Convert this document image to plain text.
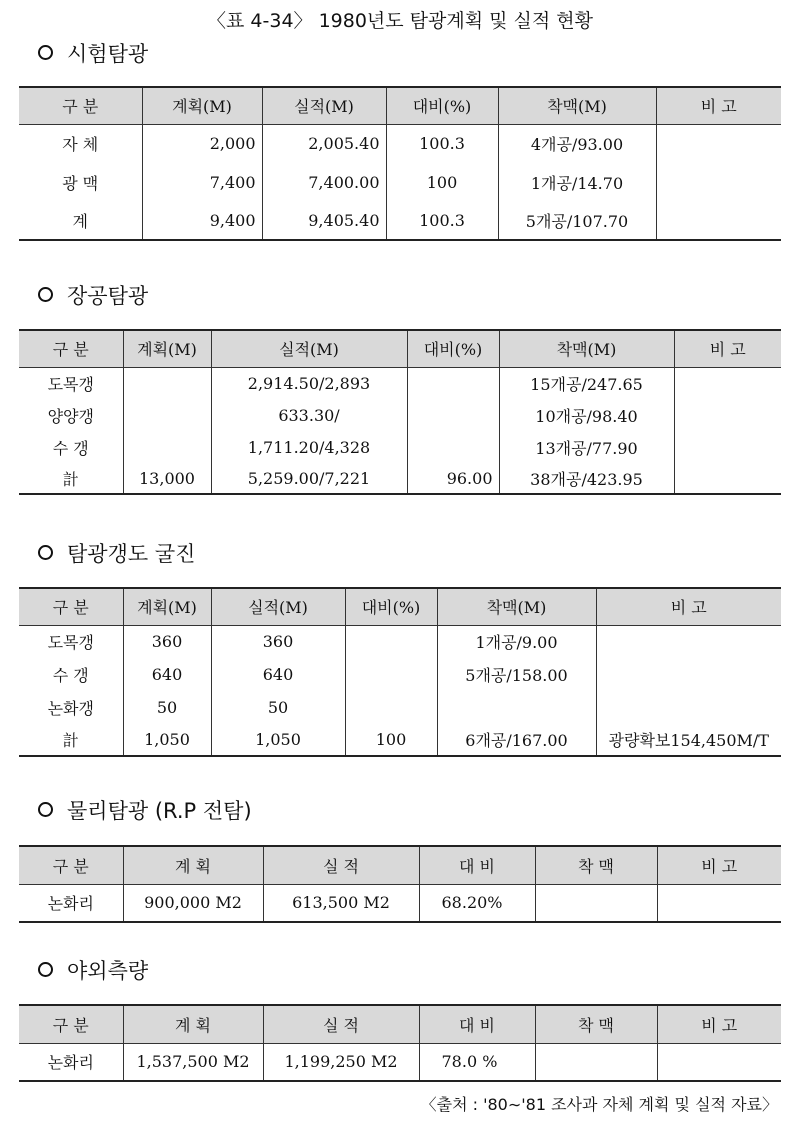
〈표 4-34〉 1980년도 탐광계획 및 실적 현황
시험탐광
구 분	계획(M)	실적(M)	대비(%)	착맥(M)	비 고
자 체	2,000	2,005.40	100.3	4개공/93.00	
광 맥	7,400	7,400.00	100	1개공/14.70	
계	9,400	9,405.40	100.3	5개공/107.70	
장공탐광
구 분	계획(M)	실적(M)	대비(%)	착맥(M)	비 고
도목갱		2,914.50/2,893		15개공/247.65	
양양갱		633.30/		10개공/98.40	
수 갱		1,711.20/4,328		13개공/77.90	
計	13,000	5,259.00/7,221	96.00	38개공/423.95	
탐광갱도 굴진
구 분	계획(M)	실적(M)	대비(%)	착맥(M)	비 고
도목갱	360	360		1개공/9.00	
수 갱	640	640		5개공/158.00	
논화갱	50	50			
計	1,050	1,050	100	6개공/167.00	광량확보154,450M/T
물리탐광 (R.P 전탐)
구 분	계 획	실 적	대 비	착 맥	비 고
논화리	900,000 M2	613,500 M2	68.20%		
야외측량
구 분	계 획	실 적	대 비	착 맥	비 고
논화리	1,537,500 M2	1,199,250 M2	78.0 %		
〈출처 : '80∼'81 조사과 자체 계획 및 실적 자료〉
